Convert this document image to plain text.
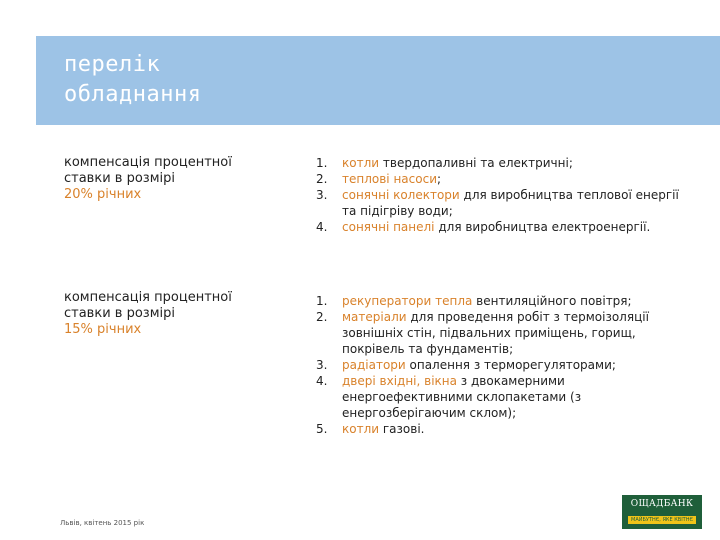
перелік
обладнання
компенсація процентної
ставки в розмірі
20% річних
1.	котли твердопаливні та електричні;
2.	теплові насоси;
3.	сонячні колектори для виробництва теплової енергії та підігріву води;
4.	сонячні панелі для виробництва електроенергії.
компенсація процентної
ставки в розмірі
15% річних
1.	рекуператори тепла вентиляційного повітря;
2.	матеріали для проведення робіт з термоізоляції зовнішніх стін, підвальних приміщень, горищ, покрівель та фундаментів;
3.	радіатори опалення з терморегуляторами;
4.	двері вхідні, вікна з двокамерними енергоефективними склопакетами (з енергозберігаючим склом);
5.	котли газові.
Львів, квітень 2015 рік
ОЩАДБАНК
МАЙБУТНЄ, ЯКЕ КВІТНЄ
